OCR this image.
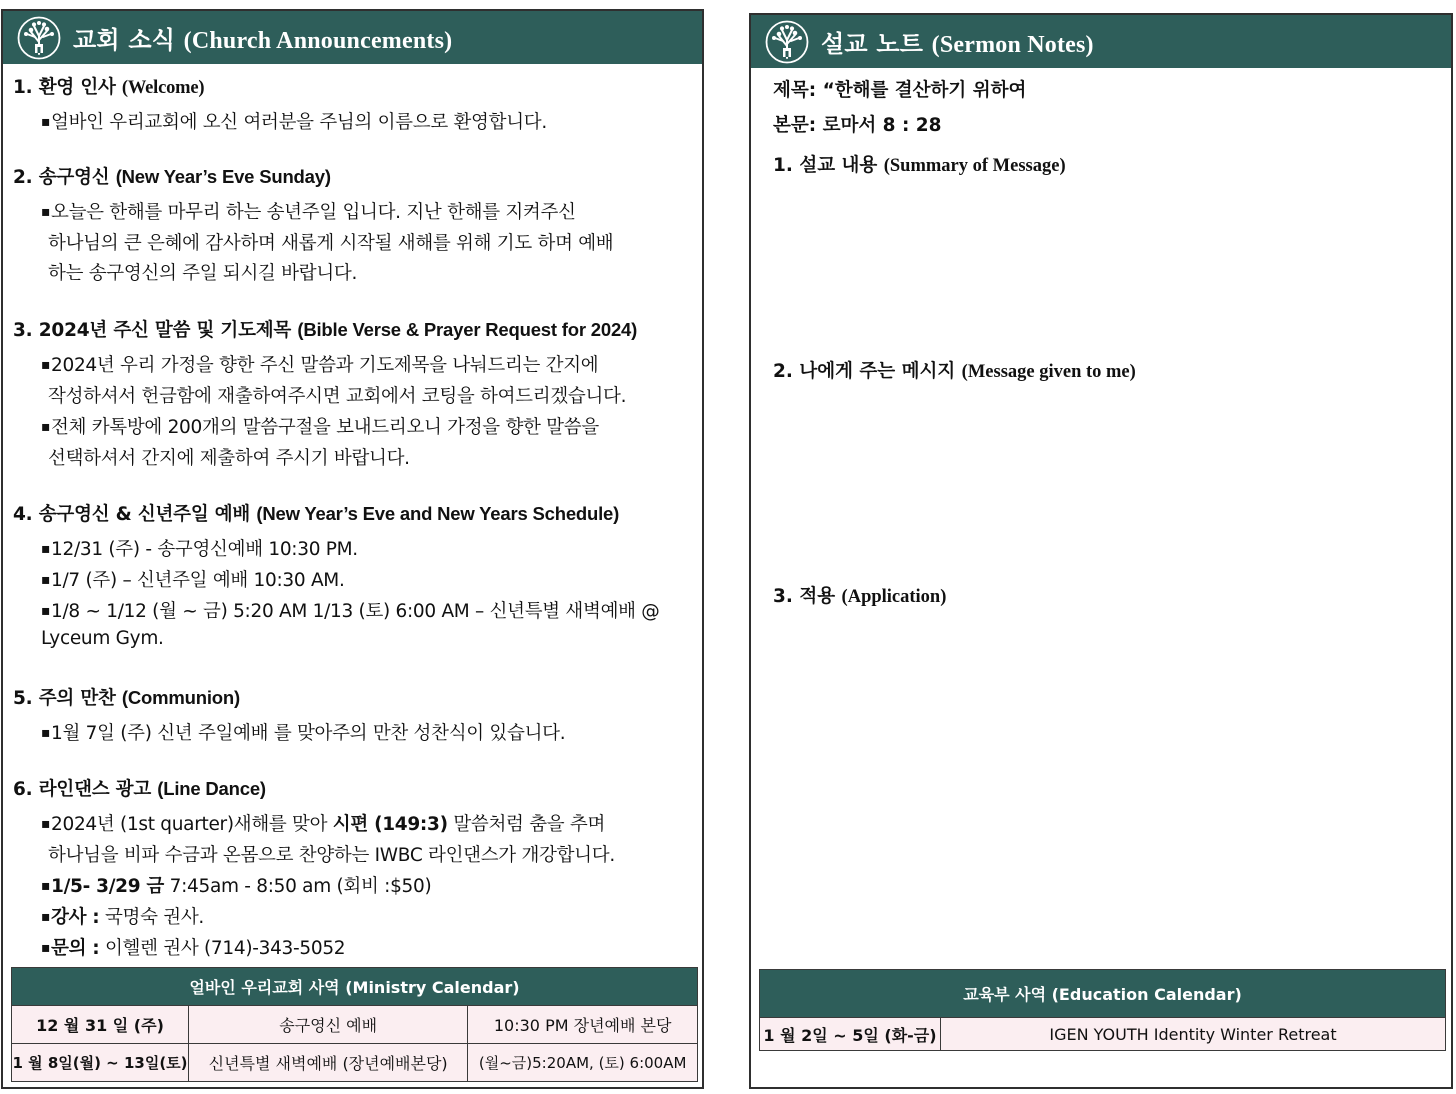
교회 소식 (Church Announcements)
1. 환영 인사 (Welcome)
▪얼바인 우리교회에 오신 여러분을 주님의 이름으로 환영합니다.
2. 송구영신 (New Year’s Eve Sunday)
▪오늘은 한해를 마무리 하는 송년주일 입니다. 지난 한해를 지켜주신
하나님의 큰 은혜에 감사하며 새롭게 시작될 새해를 위해 기도 하며 예배
하는 송구영신의 주일 되시길 바랍니다.
3. 2024년 주신 말씀 및 기도제목 (Bible Verse & Prayer Request for 2024)
▪2024년 우리 가정을 향한 주신 말씀과 기도제목을 나눠드리는 간지에
작성하셔서 헌금함에 재출하여주시면 교회에서 코팅을 하여드리겠습니다.
▪전체 카톡방에 200개의 말씀구절을 보내드리오니 가정을 향한 말씀을
선택하셔서 간지에 제출하여 주시기 바랍니다.
4. 송구영신 & 신년주일 예배 (New Year’s Eve and New Years Schedule)
▪12/31 (주) - 송구영신예배 10:30 PM.
▪1/7 (주) – 신년주일 예배 10:30 AM.
▪1/8 ~ 1/12 (월 ~ 금) 5:20 AM 1/13 (토) 6:00 AM – 신년특별 새벽예배 @
Lyceum Gym.
5. 주의 만찬 (Communion)
▪1월 7일 (주) 신년 주일예배 를 맞아주의 만찬 성찬식이 있습니다.
6. 라인댄스 광고 (Line Dance)
▪2024년 (1st quarter)새해를 맞아 시편 (149:3) 말씀처럼 춤을 추며
하나님을 비파 수금과 온몸으로 찬양하는 IWBC 라인댄스가 개강합니다.
▪1/5- 3/29 금 7:45am - 8:50 am (회비 :$50)
▪강사 : 국명숙 권사.
▪문의 : 이헬렌 권사 (714)-343-5052
얼바인 우리교회 사역 (Ministry Calendar)		
12 월 31 일 (주)	송구영신 예배	10:30 PM 장년예배 본당
1 월 8일(월) ~ 13일(토)	신년특별 새벽예배 (장년예배본당)	(월~금)5:20AM, (토) 6:00AM
설교 노트 (Sermon Notes)
제목: “한해를 결산하기 위하여
본문: 로마서 8 : 28
1. 설교 내용 (Summary of Message)
2. 나에게 주는 메시지 (Message given to me)
3. 적용 (Application)
교육부 사역 (Education Calendar)
1 월 2일 ~ 5일 (화-금)	IGEN YOUTH Identity Winter Retreat
